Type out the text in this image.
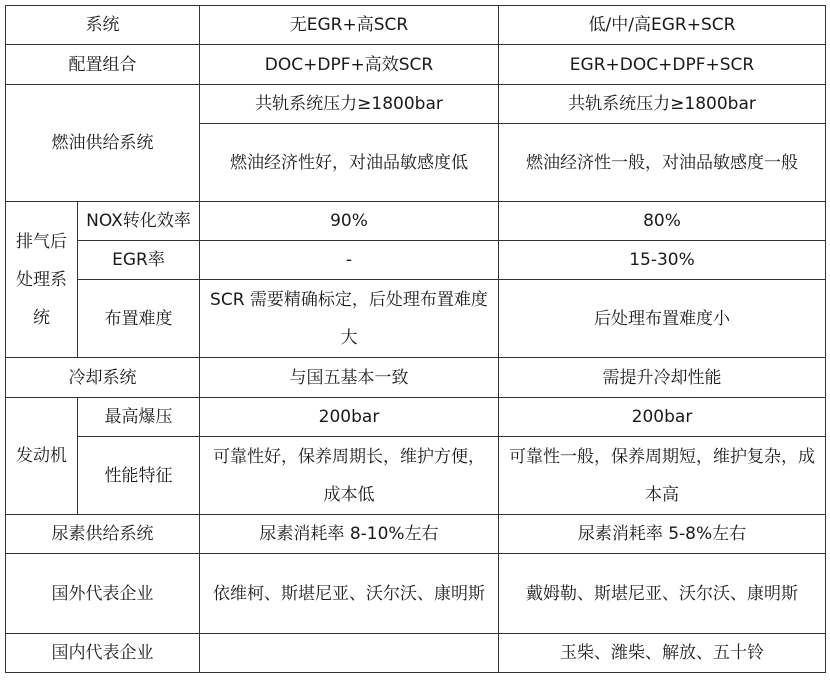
系统		无EGR+高SCR	低/中/高EGR+SCR
配置组合		DOC+DPF+高效SCR	EGR+DOC+DPF+SCR
燃油供给系统		共轨系统压力≥1800bar	共轨系统压力≥1800bar
		燃油经济性好，对油品敏感度低	燃油经济性一般，对油品敏感度一般
排气后处理系统	NOX转化效率	90%	80%
	EGR率	-	15-30%
	布置难度	SCR 需要精确标定，后处理布置难度大	后处理布置难度小
冷却系统		与国五基本一致	需提升冷却性能
发动机	最高爆压	200bar	200bar
	性能特征	可靠性好，保养周期长，维护方便，成本低	可靠性一般，保养周期短，维护复杂，成本高
尿素供给系统		尿素消耗率 8-10%左右	尿素消耗率 5-8%左右
国外代表企业		依维柯、斯堪尼亚、沃尔沃、康明斯	戴姆勒、斯堪尼亚、沃尔沃、康明斯
国内代表企业			玉柴、潍柴、解放、五十铃
